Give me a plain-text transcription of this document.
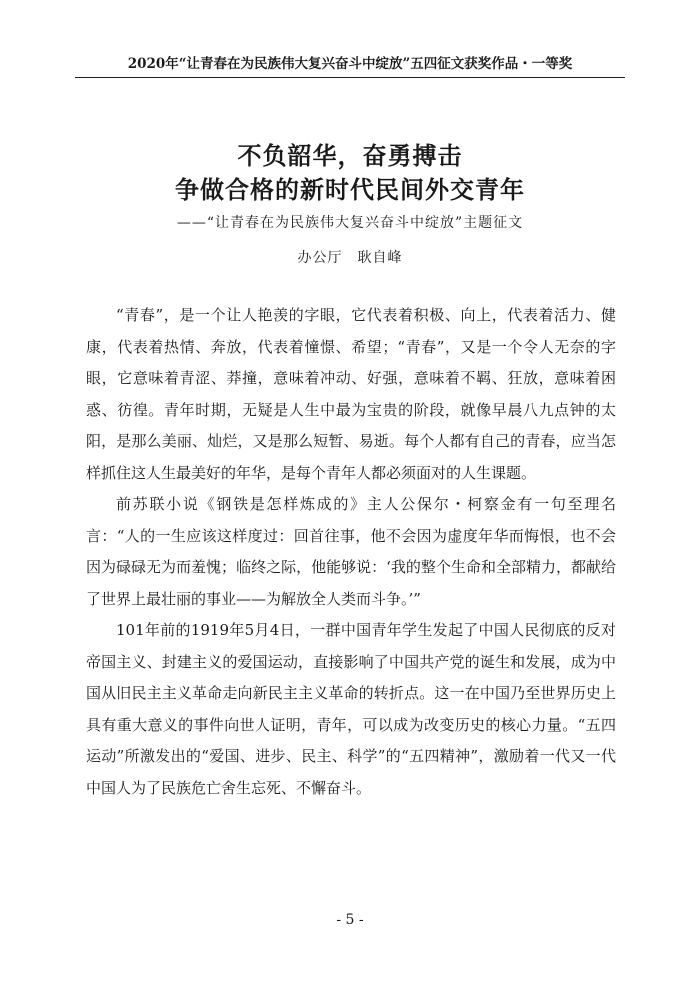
2020年“让青春在为民族伟大复兴奋斗中绽放”五四征文获奖作品・一等奖
不负韶华，奋勇搏击
争做合格的新时代民间外交青年
——“让青春在为民族伟大复兴奋斗中绽放”主题征文
办公厅　耿自峰

“青春”，是一个让人艳羡的字眼，它代表着积极、向上，代表着活力、健康，代表着热情、奔放，代表着憧憬、希望；“青春”，又是一个令人无奈的字眼，它意味着青涩、莽撞，意味着冲动、好强，意味着不羁、狂放，意味着困惑、彷徨。青年时期，无疑是人生中最为宝贵的阶段，就像早晨八九点钟的太阳，是那么美丽、灿烂，又是那么短暂、易逝。每个人都有自己的青春，应当怎样抓住这人生最美好的年华，是每个青年人都必须面对的人生课题。

前苏联小说《钢铁是怎样炼成的》主人公保尔・柯察金有一句至理名言：“人的一生应该这样度过：回首往事，他不会因为虚度年华而悔恨，也不会因为碌碌无为而羞愧；临终之际，他能够说：‘我的整个生命和全部精力，都献给了世界上最壮丽的事业——为解放全人类而斗争。’”

101年前的1919年5月4日，一群中国青年学生发起了中国人民彻底的反对帝国主义、封建主义的爱国运动，直接影响了中国共产党的诞生和发展，成为中国从旧民主主义革命走向新民主主义革命的转折点。这一在中国乃至世界历史上具有重大意义的事件向世人证明，青年，可以成为改变历史的核心力量。“五四运动”所激发出的“爱国、进步、民主、科学”的“五四精神”，激励着一代又一代中国人为了民族危亡舍生忘死、不懈奋斗。

- 5 -
